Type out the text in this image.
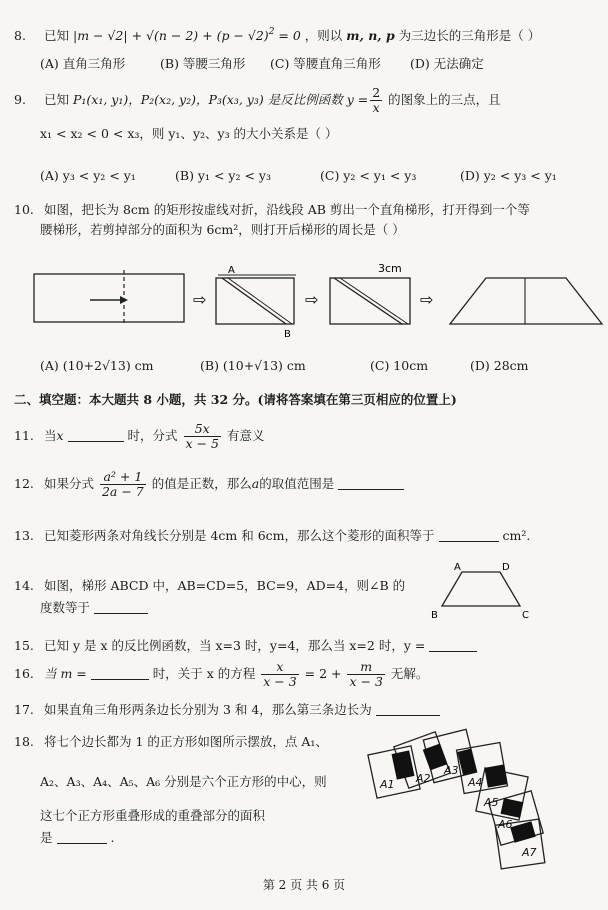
8. 已知 $|m - √2| + √(n - 2) + (p - √2)^2 = 0$ ，则以 m, n, p 为三边长的三角形是（ ）
(A) 直角三角形	(B) 等腰三角形 (C) 等腰直角三角形 (D) 无法确定
9. 已知 P₁(x₁, y₁)，P₂(x₂, y₂)，P₃(x₃, y₃) 是反比例函数 $y = \frac{2}{x}$ 的图象上的三点，且
x₁ < x₂ < 0 < x₃，则 y₁、y₂、y₃ 的大小关系是（ ）
(A) y₃ < y₂ < y₁	(B) y₁ < y₂ < y₃	(C) y₂ < y₁ < y₃	(D) y₂ < y₃ < y₁
10. 如图，把长为 8cm 的矩形按虚线对折，沿线段 AB 剪出一个直角梯形，打开得到一个等
腰梯形，若剪掉部分的面积为 6cm²，则打开后梯形的周长是（ ）
⇨
A
B
⇨
3cm
⇨
(A) (10+2√13) cm	(B) (10+√13) cm	(C) 10cm	(D) 28cm
二、填空题：本大题共 8 小题，共 32 分。(请将答案填在第三页相应的位置上)
11. 当x	时，分式 $\frac{5x}{x - 5}$ 有意义
12. 如果分式 $\frac{\text{a² + 1}}{2a - 7}$ 的值是正数，那么a的取值范围是
13. 已知菱形两条对角线长分别是 4cm 和 6cm，那么这个菱形的面积等于	cm².
14. 如图，梯形 ABCD 中，AB=CD=5，BC=9，AD=4，则∠B 的
度数等于
A	D
B	C
15. 已知 y 是 x 的反比例函数，当 x=3 时，y=4，那么当 x=2 时，y =
16. 当 m =	时，关于 x 的方程 $\frac{x}{x - 3} = 2 + \frac{m}{x - 3}$ 无解。
17. 如果直角三角形两条边长分别为 3 和 4，那么第三条边长为
18. 将七个边长都为 1 的正方形如图所示摆放，点 A₁、
A₂、A₃、A₄、A₅、A₆ 分别是六个正方形的中心，则
这七个正方形重叠形成的重叠部分的面积
是	.
A1 A2
A3
A4
A5
A6
A7
第 2 页 共 6 页
